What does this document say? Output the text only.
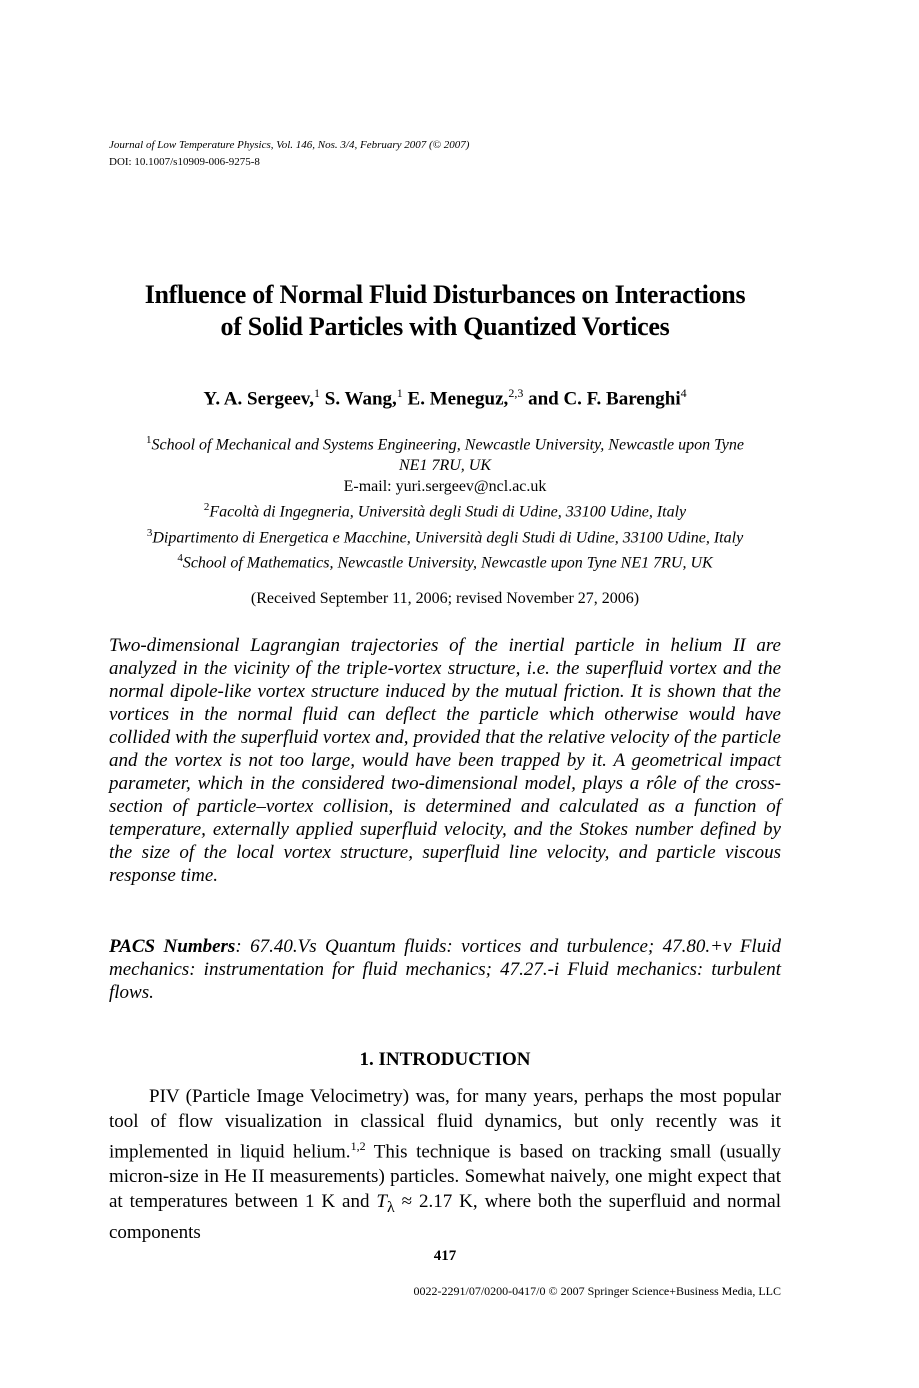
Journal of Low Temperature Physics, Vol. 146, Nos. 3/4, February 2007 (© 2007)
DOI: 10.1007/s10909-006-9275-8
Influence of Normal Fluid Disturbances on Interactions
of Solid Particles with Quantized Vortices
Y. A. Sergeev,$^1$ S. Wang,$^1$ E. Meneguz,$^{2,3}$ and C. F. Barenghi$^4$
$^1$School of Mechanical and Systems Engineering, Newcastle University, Newcastle upon Tyne
NE1 7RU, UK
E-mail: yuri.sergeev@ncl.ac.uk
$^2$Facoltà di Ingegneria, Università degli Studi di Udine, 33100 Udine, Italy
$^3$Dipartimento di Energetica e Macchine, Università degli Studi di Udine, 33100 Udine, Italy
$^4$School of Mathematics, Newcastle University, Newcastle upon Tyne NE1 7RU, UK
(Received September 11, 2006; revised November 27, 2006)
Two-dimensional Lagrangian trajectories of the inertial particle in helium II are analyzed in the vicinity of the triple-vortex structure, i.e. the superfluid vortex and the normal dipole-like vortex structure induced by the mutual friction. It is shown that the vortices in the normal fluid can deflect the particle which otherwise would have collided with the superfluid vortex and, provided that the relative velocity of the particle and the vortex is not too large, would have been trapped by it. A geometrical impact parameter, which in the considered two-dimensional model, plays a rôle of the cross-section of particle–vortex collision, is determined and calculated as a function of temperature, externally applied superfluid velocity, and the Stokes number defined by the size of the local vortex structure, superfluid line velocity, and particle viscous response time.
PACS Numbers: 67.40.Vs Quantum fluids: vortices and turbulence; 47.80.+v Fluid mechanics: instrumentation for fluid mechanics; 47.27.-i Fluid mechanics: turbulent flows.
1. INTRODUCTION
PIV (Particle Image Velocimetry) was, for many years, perhaps the most popular tool of flow visualization in classical fluid dynamics, but only recently was it implemented in liquid helium.$^{1,2}$ This technique is based on tracking small (usually micron-size in He II measurements) particles. Somewhat naively, one might expect that at temperatures between 1 K and $T_\lambda \approx 2.17$ K, where both the superfluid and normal components
417
0022-2291/07/0200-0417/0 © 2007 Springer Science+Business Media, LLC
